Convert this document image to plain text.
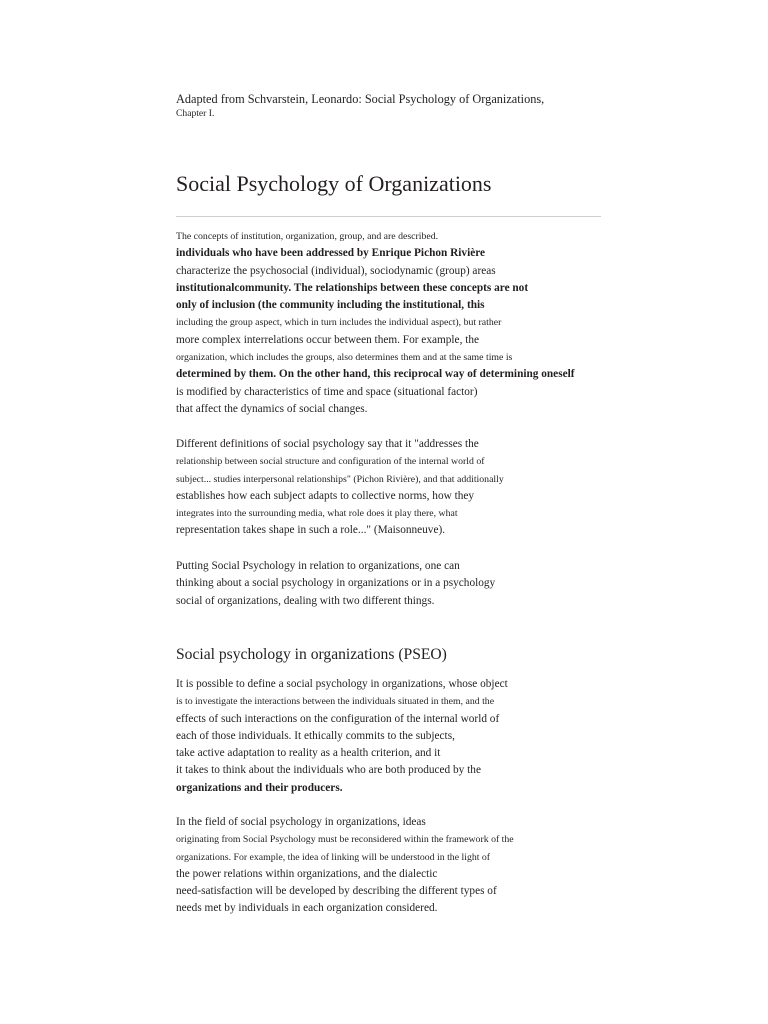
Adapted from Schvarstein, Leonardo: Social Psychology of Organizations,
Chapter I.
Social Psychology of Organizations
The concepts of institution, organization, group, and are described.
individuals who have been addressed by Enrique Pichon Rivière
characterize the psychosocial (individual), sociodynamic (group) areas
institutionalcommunity. The relationships between these concepts are not
only of inclusion (the community including the institutional, this
including the group aspect, which in turn includes the individual aspect), but rather
more complex interrelations occur between them. For example, the
organization, which includes the groups, also determines them and at the same time is
determined by them. On the other hand, this reciprocal way of determining oneself
is modified by characteristics of time and space (situational factor)
that affect the dynamics of social changes.
Different definitions of social psychology say that it "addresses the
relationship between social structure and configuration of the internal world of
subject... studies interpersonal relationships" (Pichon Rivière), and that additionally
establishes how each subject adapts to collective norms, how they
integrates into the surrounding media, what role does it play there, what
representation takes shape in such a role..." (Maisonneuve).
Putting Social Psychology in relation to organizations, one can
thinking about a social psychology in organizations or in a psychology
social of organizations, dealing with two different things.
Social psychology in organizations (PSEO)
It is possible to define a social psychology in organizations, whose object
is to investigate the interactions between the individuals situated in them, and the
effects of such interactions on the configuration of the internal world of
each of those individuals. It ethically commits to the subjects,
take active adaptation to reality as a health criterion, and it
it takes to think about the individuals who are both produced by the
organizations and their producers.
In the field of social psychology in organizations, ideas
originating from Social Psychology must be reconsidered within the framework of the
organizations. For example, the idea of linking will be understood in the light of
the power relations within organizations, and the dialectic
need-satisfaction will be developed by describing the different types of
needs met by individuals in each organization considered.
